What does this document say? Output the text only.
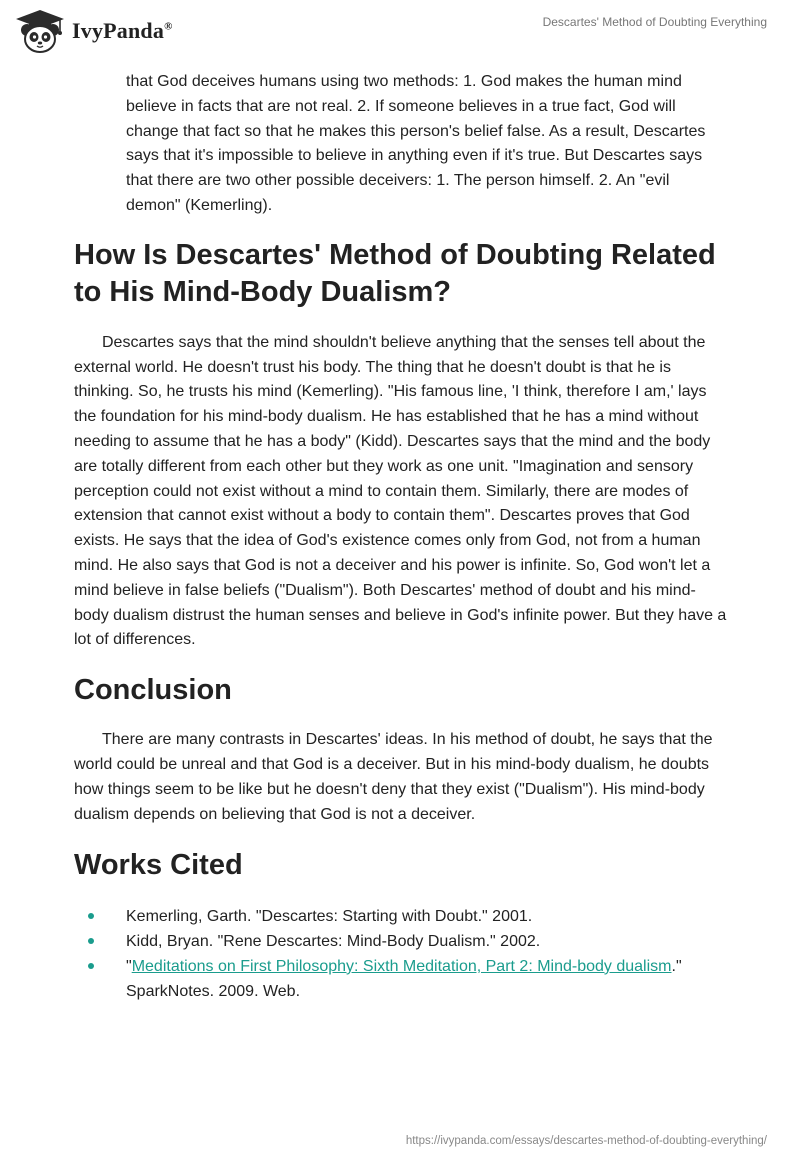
IvyPanda®	Descartes' Method of Doubting Everything

that God deceives humans using two methods: 1. God makes the human mind believe in facts that are not real. 2. If someone believes in a true fact, God will change that fact so that he makes this person's belief false. As a result, Descartes says that it's impossible to believe in anything even if it's true. But Descartes says that there are two other possible deceivers: 1. The person himself. 2. An "evil demon" (Kemerling).

How Is Descartes' Method of Doubting Related to His Mind-Body Dualism?

Descartes says that the mind shouldn't believe anything that the senses tell about the external world. He doesn't trust his body. The thing that he doesn't doubt is that he is thinking. So, he trusts his mind (Kemerling). "His famous line, 'I think, therefore I am,' lays the foundation for his mind-body dualism. He has established that he has a mind without needing to assume that he has a body" (Kidd). Descartes says that the mind and the body are totally different from each other but they work as one unit. "Imagination and sensory perception could not exist without a mind to contain them. Similarly, there are modes of extension that cannot exist without a body to contain them". Descartes proves that God exists. He says that the idea of God's existence comes only from God, not from a human mind. He also says that God is not a deceiver and his power is infinite. So, God won't let a mind believe in false beliefs ("Dualism"). Both Descartes' method of doubt and his mind-body dualism distrust the human senses and believe in God's infinite power. But they have a lot of differences.

Conclusion

There are many contrasts in Descartes' ideas. In his method of doubt, he says that the world could be unreal and that God is a deceiver. But in his mind-body dualism, he doubts how things seem to be like but he doesn't deny that they exist ("Dualism"). His mind-body dualism depends on believing that God is not a deceiver.

Works Cited
Kemerling, Garth. "Descartes: Starting with Doubt." 2001.
Kidd, Bryan. "Rene Descartes: Mind-Body Dualism." 2002.
"Meditations on First Philosophy: Sixth Meditation, Part 2: Mind-body dualism." SparkNotes. 2009. Web.
https://ivypanda.com/essays/descartes-method-of-doubting-everything/
